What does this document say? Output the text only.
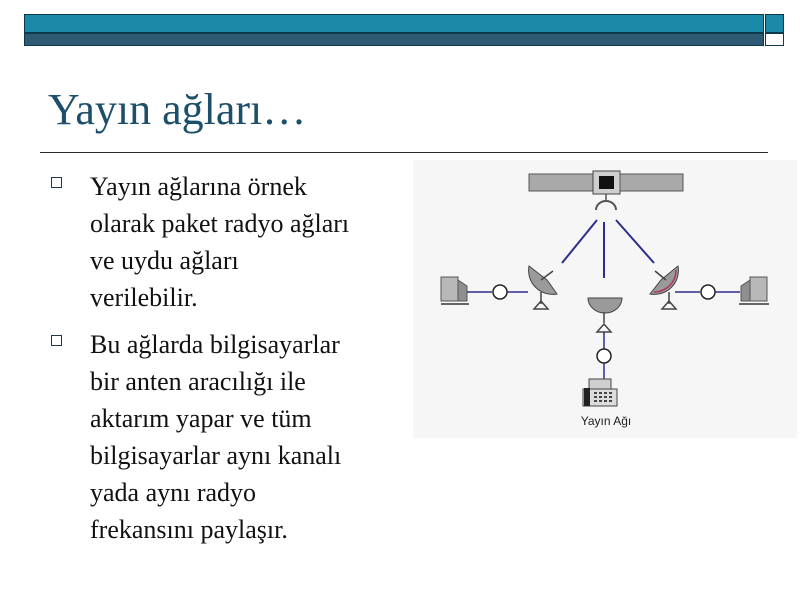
Yayın ağları…
Yayın ağlarına örnek
olarak paket radyo ağları
ve uydu ağları
verilebilir.
Bu ağlarda bilgisayarlar
bir anten aracılığı ile
aktarım yapar ve tüm
bilgisayarlar aynı kanalı
yada aynı radyo
frekansını paylaşır.
Yayın Ağı
